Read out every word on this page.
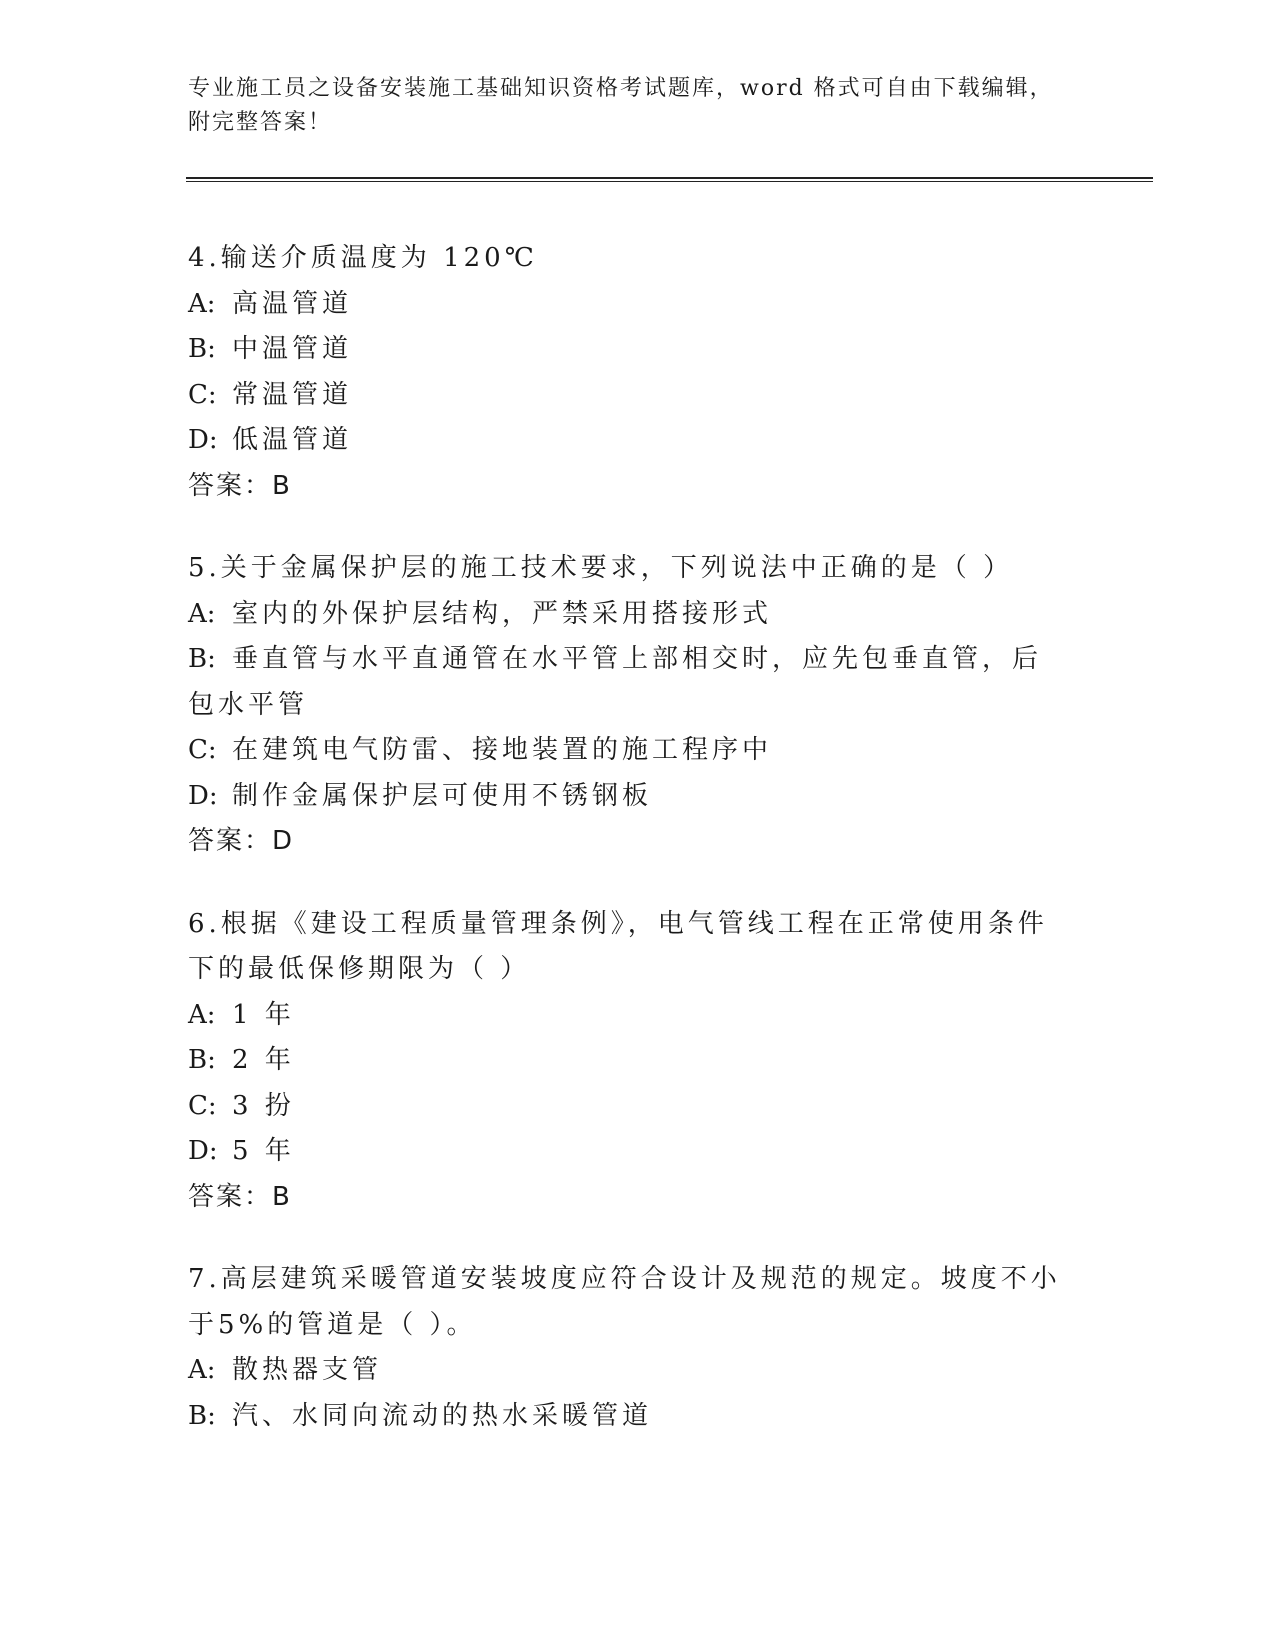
专业施工员之设备安装施工基础知识资格考试题库，word 格式可自由下载编辑，
附完整答案！

4.输送介质温度为 120℃

A: 高温管道

B: 中温管道

C: 常温管道

D: 低温管道

答案：B

5.关于金属保护层的施工技术要求，下列说法中正确的是（ ）

A: 室内的外保护层结构，严禁采用搭接形式

B: 垂直管与水平直通管在水平管上部相交时，应先包垂直管，后包水平管

C: 在建筑电气防雷、接地装置的施工程序中

D: 制作金属保护层可使用不锈钢板

答案：D

6.根据《建设工程质量管理条例》，电气管线工程在正常使用条件下的最低保修期限为（ ）

A: 1 年

B: 2 年

C: 3 扮

D: 5 年

答案：B

7.高层建筑采暖管道安装坡度应符合设计及规范的规定。坡度不小于5%的管道是（ ）。

A: 散热器支管

B: 汽、水同向流动的热水采暖管道
